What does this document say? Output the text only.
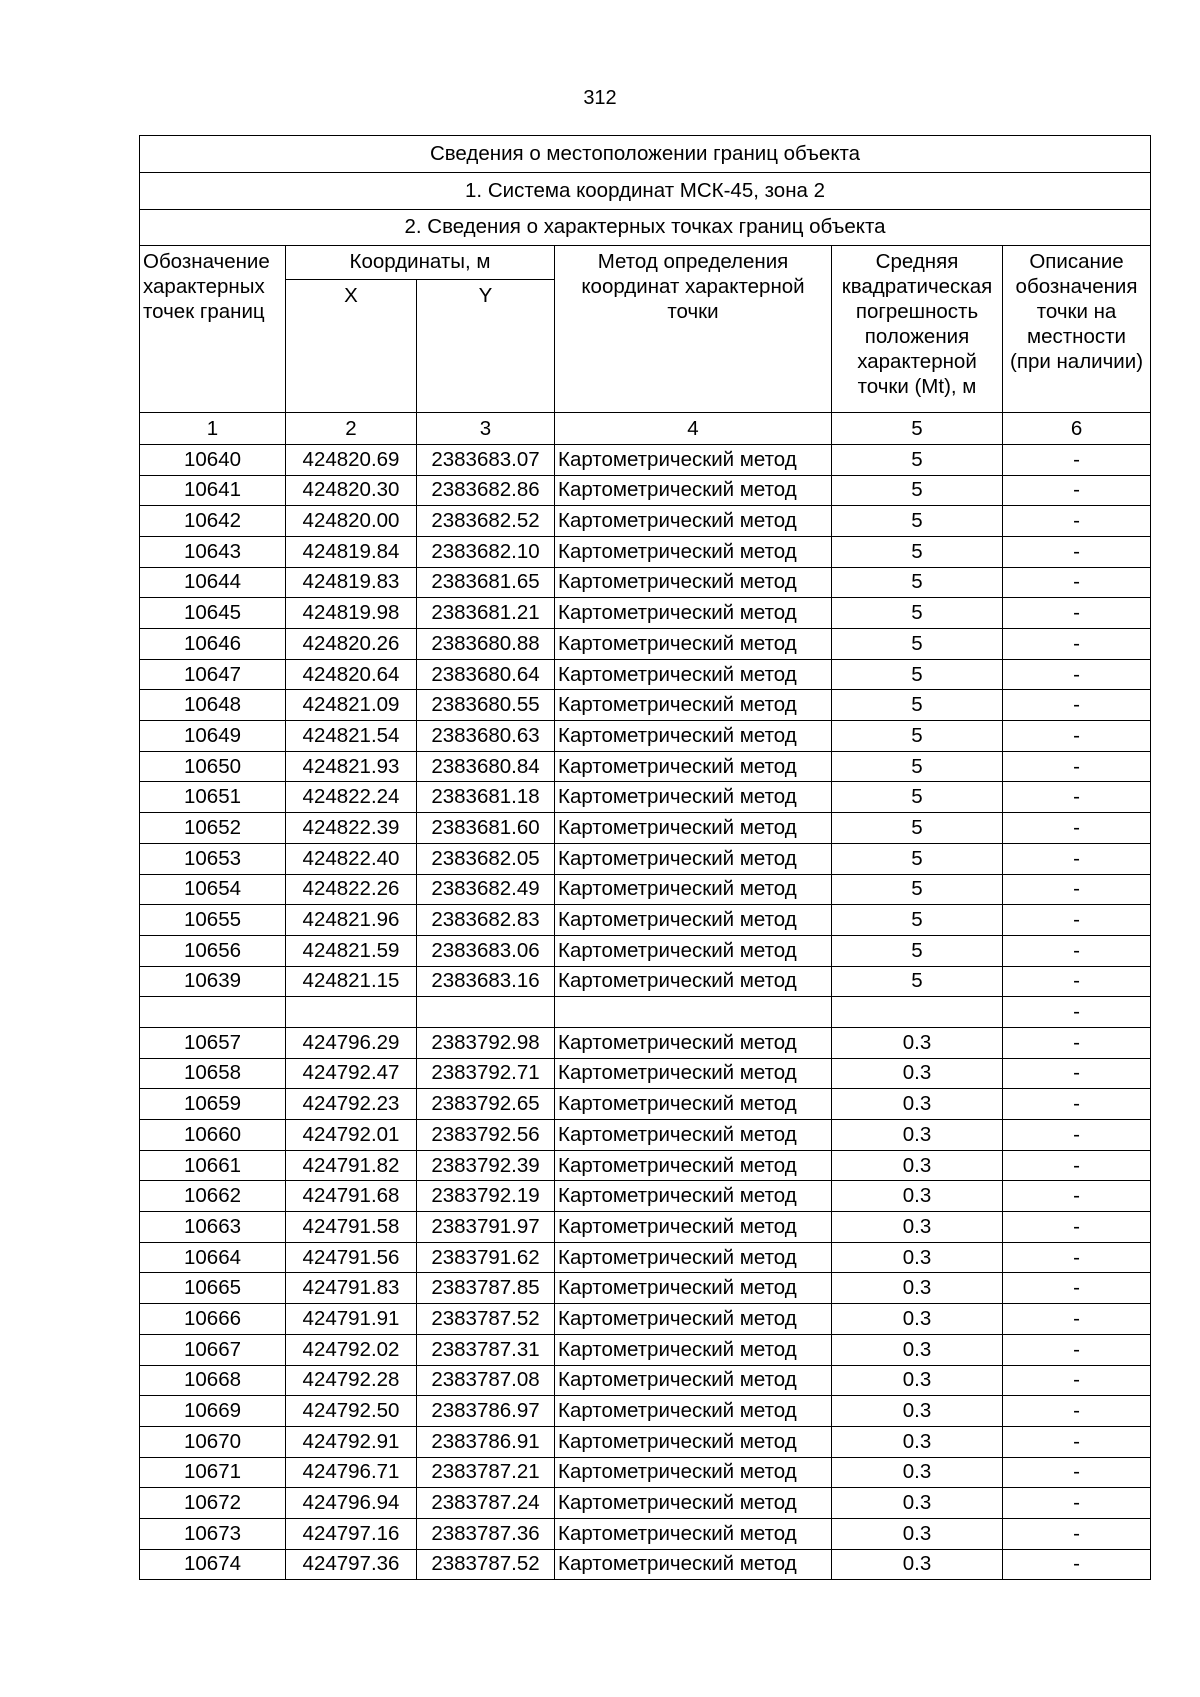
312
Сведения о местоположении границ объекта					
1. Система координат МСК-45, зона 2					
2. Сведения о характерных точках границ объекта					
Обозначение характерных точек границ	Координаты, м		Метод определения координат характерной точки	Средняя квадратическая погрешность положения характерной точки (Mt), м	Описание обозначения точки на местности (при наличии)
	X	Y			
1	2	3	4	5	6
10640	424820.69	2383683.07	Картометрический метод	5	-
10641	424820.30	2383682.86	Картометрический метод	5	-
10642	424820.00	2383682.52	Картометрический метод	5	-
10643	424819.84	2383682.10	Картометрический метод	5	-
10644	424819.83	2383681.65	Картометрический метод	5	-
10645	424819.98	2383681.21	Картометрический метод	5	-
10646	424820.26	2383680.88	Картометрический метод	5	-
10647	424820.64	2383680.64	Картометрический метод	5	-
10648	424821.09	2383680.55	Картометрический метод	5	-
10649	424821.54	2383680.63	Картометрический метод	5	-
10650	424821.93	2383680.84	Картометрический метод	5	-
10651	424822.24	2383681.18	Картометрический метод	5	-
10652	424822.39	2383681.60	Картометрический метод	5	-
10653	424822.40	2383682.05	Картометрический метод	5	-
10654	424822.26	2383682.49	Картометрический метод	5	-
10655	424821.96	2383682.83	Картометрический метод	5	-
10656	424821.59	2383683.06	Картометрический метод	5	-
10639	424821.15	2383683.16	Картометрический метод	5	-
					-
10657	424796.29	2383792.98	Картометрический метод	0.3	-
10658	424792.47	2383792.71	Картометрический метод	0.3	-
10659	424792.23	2383792.65	Картометрический метод	0.3	-
10660	424792.01	2383792.56	Картометрический метод	0.3	-
10661	424791.82	2383792.39	Картометрический метод	0.3	-
10662	424791.68	2383792.19	Картометрический метод	0.3	-
10663	424791.58	2383791.97	Картометрический метод	0.3	-
10664	424791.56	2383791.62	Картометрический метод	0.3	-
10665	424791.83	2383787.85	Картометрический метод	0.3	-
10666	424791.91	2383787.52	Картометрический метод	0.3	-
10667	424792.02	2383787.31	Картометрический метод	0.3	-
10668	424792.28	2383787.08	Картометрический метод	0.3	-
10669	424792.50	2383786.97	Картометрический метод	0.3	-
10670	424792.91	2383786.91	Картометрический метод	0.3	-
10671	424796.71	2383787.21	Картометрический метод	0.3	-
10672	424796.94	2383787.24	Картометрический метод	0.3	-
10673	424797.16	2383787.36	Картометрический метод	0.3	-
10674	424797.36	2383787.52	Картометрический метод	0.3	-
